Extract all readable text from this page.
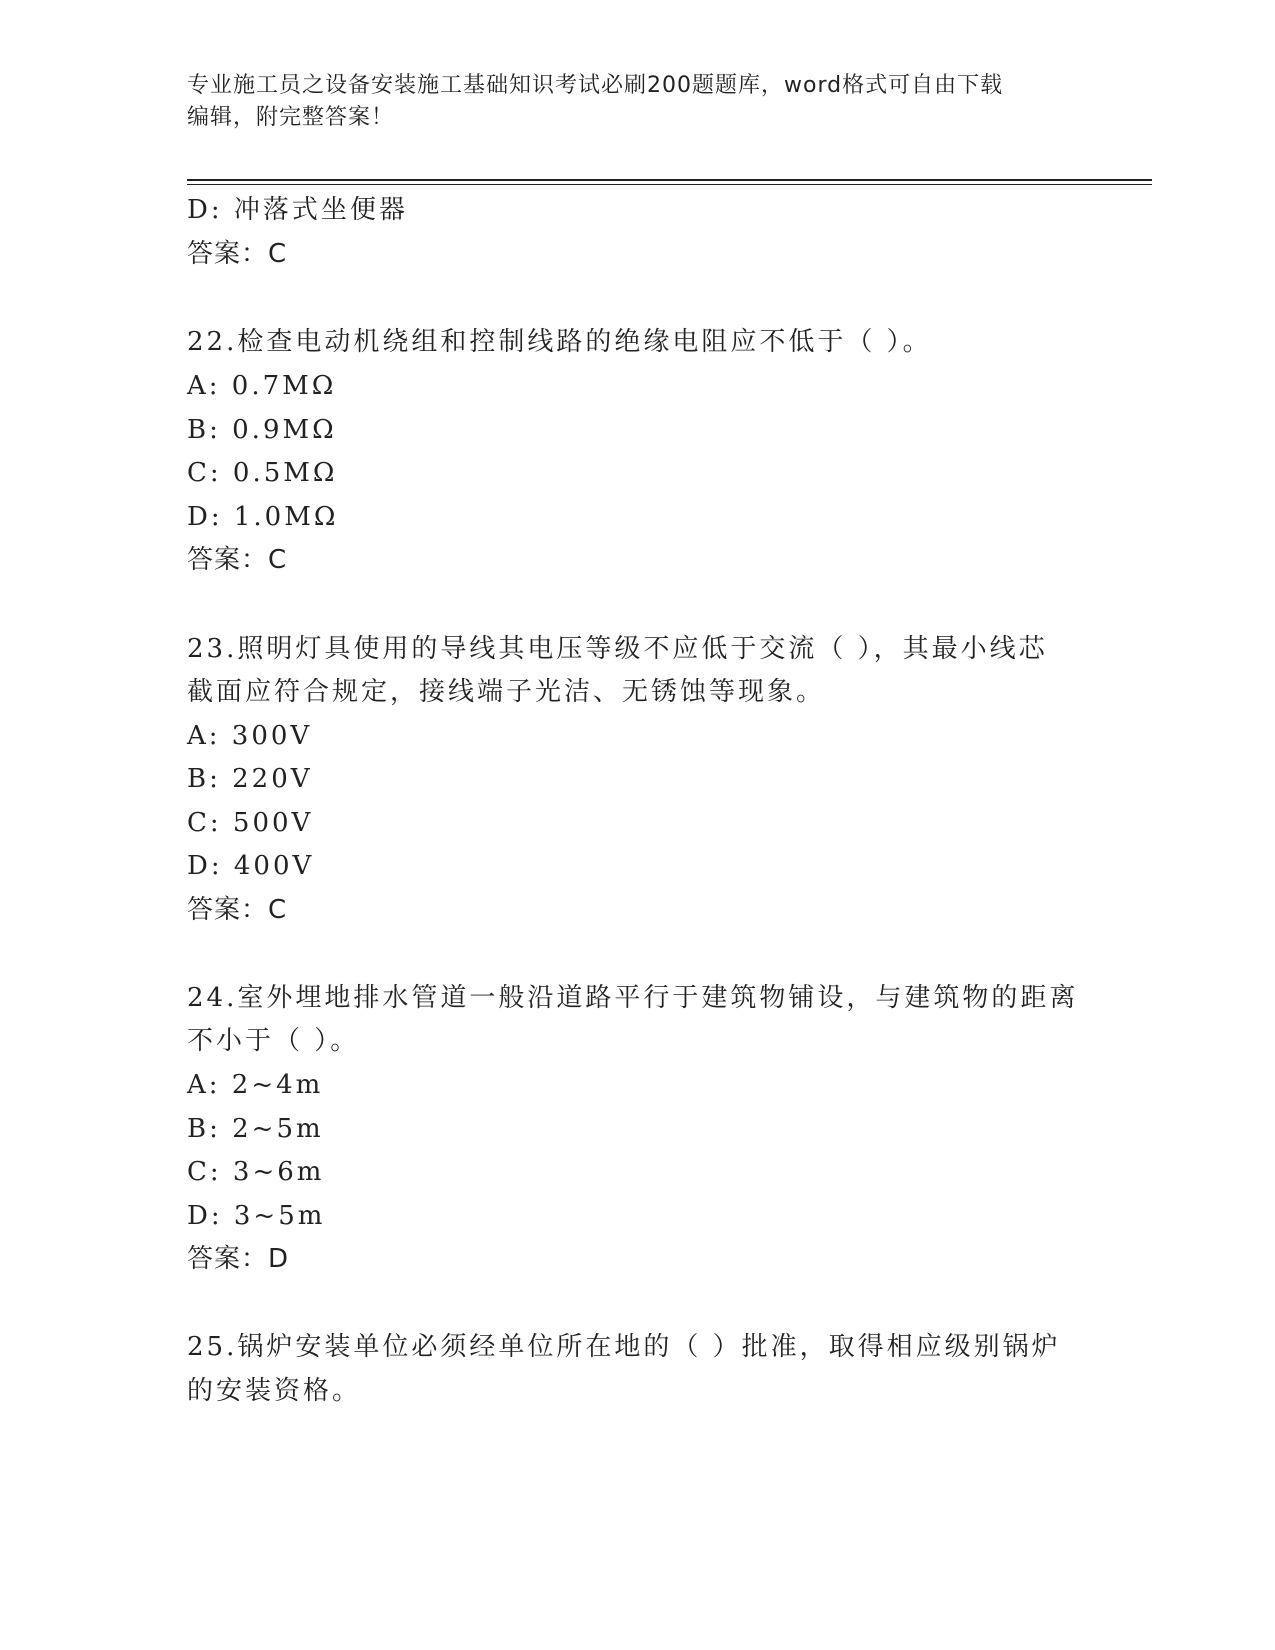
专业施工员之设备安装施工基础知识考试必刷200题题库，word格式可自由下载
编辑，附完整答案！
D: 冲落式坐便器
答案：C
22.检查电动机绕组和控制线路的绝缘电阻应不低于（ ）。
A: 0.7MΩ
B: 0.9MΩ
C: 0.5MΩ
D: 1.0MΩ
答案：C
23.照明灯具使用的导线其电压等级不应低于交流（ ），其最小线芯
截面应符合规定，接线端子光洁、无锈蚀等现象。
A: 300V
B: 220V
C: 500V
D: 400V
答案：C
24.室外埋地排水管道一般沿道路平行于建筑物铺设，与建筑物的距离
不小于（ ）。
A: 2~4m
B: 2~5m
C: 3~6m
D: 3~5m
答案：D
25.锅炉安装单位必须经单位所在地的（ ）批准，取得相应级别锅炉
的安装资格。
